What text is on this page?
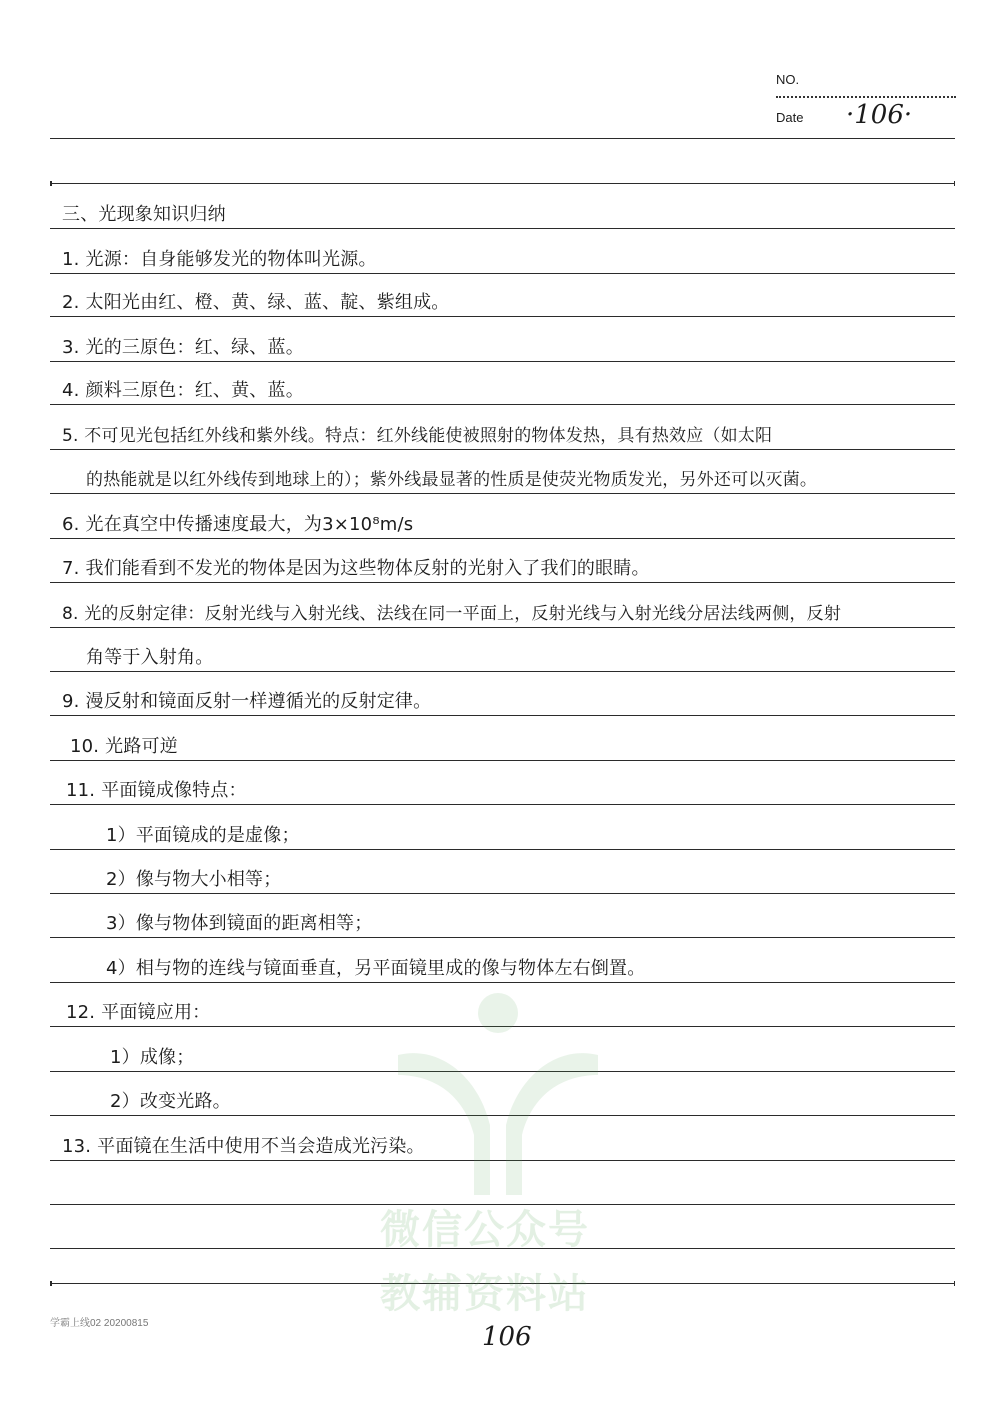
NO.
Date ·106·
微信公众号
教辅资料站
三、光现象知识归纳
1. 光源：自身能够发光的物体叫光源。
2. 太阳光由红、橙、黄、绿、蓝、靛、紫组成。
3. 光的三原色：红、绿、蓝。
4. 颜料三原色：红、黄、蓝。
5. 不可见光包括红外线和紫外线。特点：红外线能使被照射的物体发热，具有热效应（如太阳
的热能就是以红外线传到地球上的）；紫外线最显著的性质是使荧光物质发光，另外还可以灭菌。
6. 光在真空中传播速度最大，为3×10⁸m/s
7. 我们能看到不发光的物体是因为这些物体反射的光射入了我们的眼睛。
8. 光的反射定律：反射光线与入射光线、法线在同一平面上，反射光线与入射光线分居法线两侧，反射
角等于入射角。
9. 漫反射和镜面反射一样遵循光的反射定律。
10. 光路可逆
11. 平面镜成像特点：
1）平面镜成的是虚像；
2）像与物大小相等；
3）像与物体到镜面的距离相等；
4）相与物的连线与镜面垂直，另平面镜里成的像与物体左右倒置。
12. 平面镜应用：
1）成像；
2）改变光路。
13. 平面镜在生活中使用不当会造成光污染。
学霸上线02 20200815	106
